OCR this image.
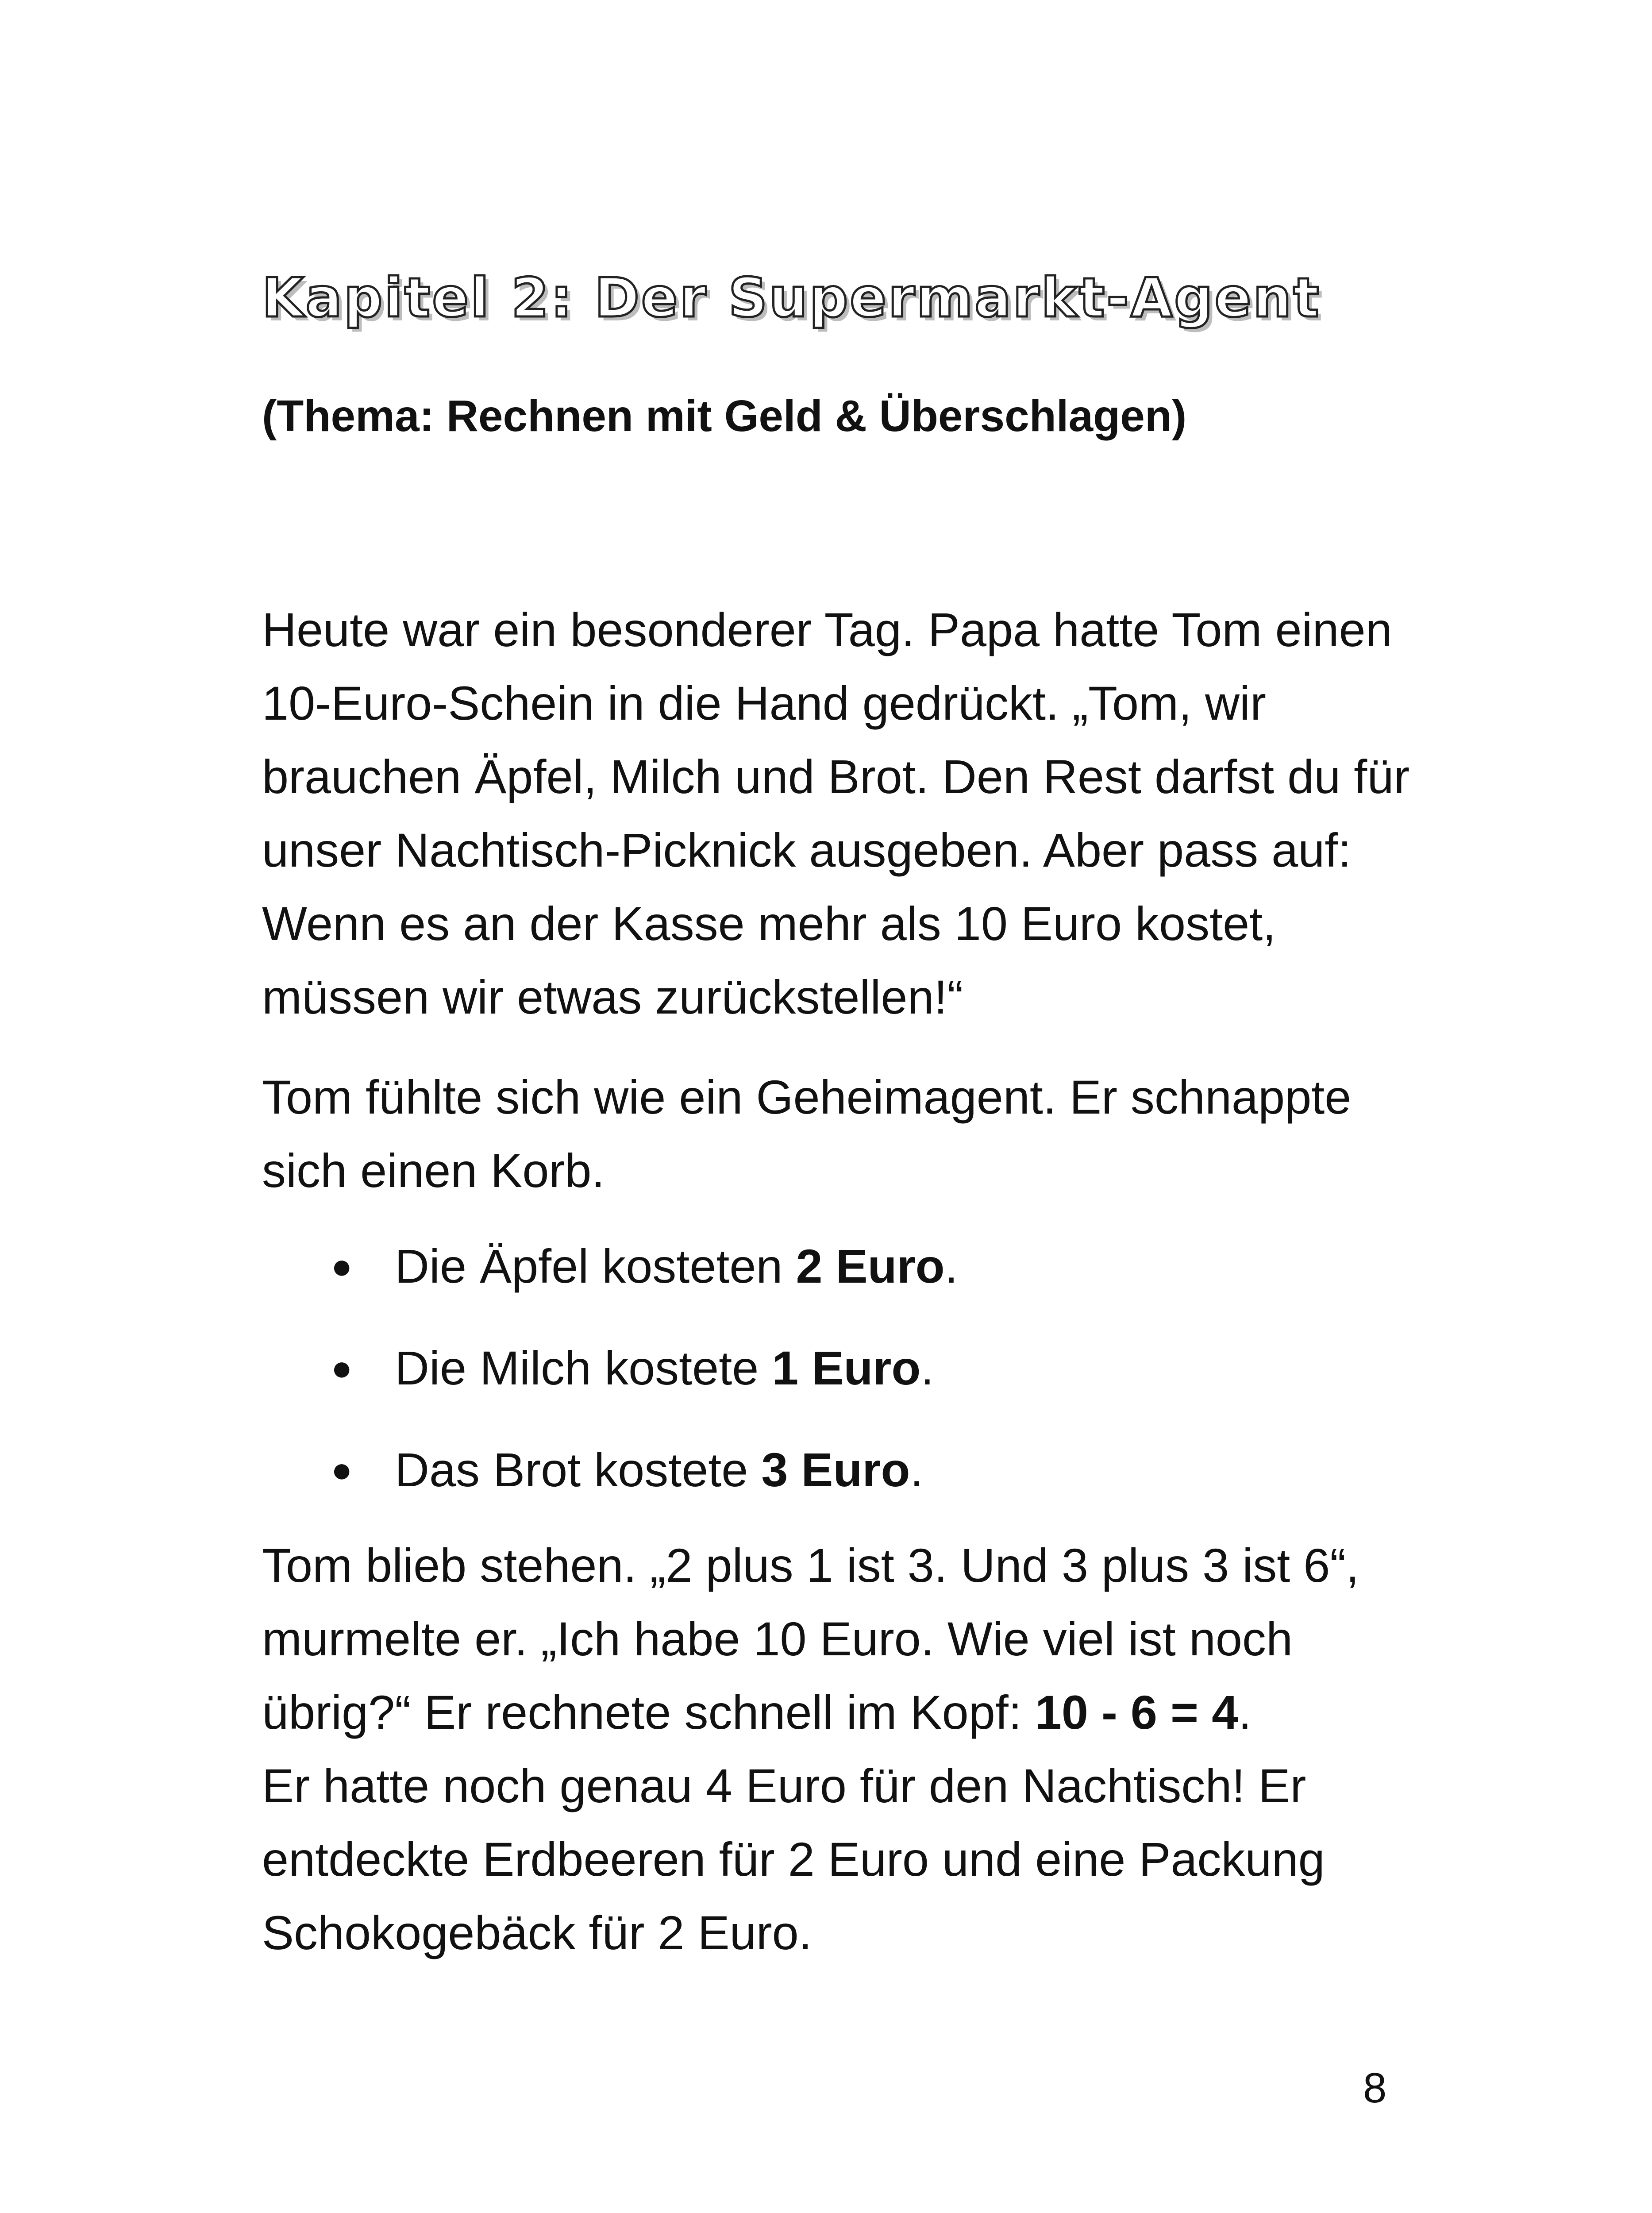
Kapitel 2: Der Supermarkt-Agent
(Thema: Rechnen mit Geld & Überschlagen)

Heute war ein besonderer Tag. Papa hatte Tom einen 10-Euro-Schein in die Hand gedrückt. „Tom, wir brauchen Äpfel, Milch und Brot. Den Rest darfst du für unser Nachtisch-Picknick ausgeben. Aber pass auf: Wenn es an der Kasse mehr als 10 Euro kostet, müssen wir etwas zurückstellen!“

Tom fühlte sich wie ein Geheimagent. Er schnappte sich einen Korb.

● Die Äpfel kosteten 2 Euro.
● Die Milch kostete 1 Euro.
● Das Brot kostete 3 Euro.

Tom blieb stehen. „2 plus 1 ist 3. Und 3 plus 3 ist 6“, murmelte er. „Ich habe 10 Euro. Wie viel ist noch übrig?“ Er rechnete schnell im Kopf: 10 - 6 = 4.

Er hatte noch genau 4 Euro für den Nachtisch! Er entdeckte Erdbeeren für 2 Euro und eine Packung Schokogebäck für 2 Euro.

8
